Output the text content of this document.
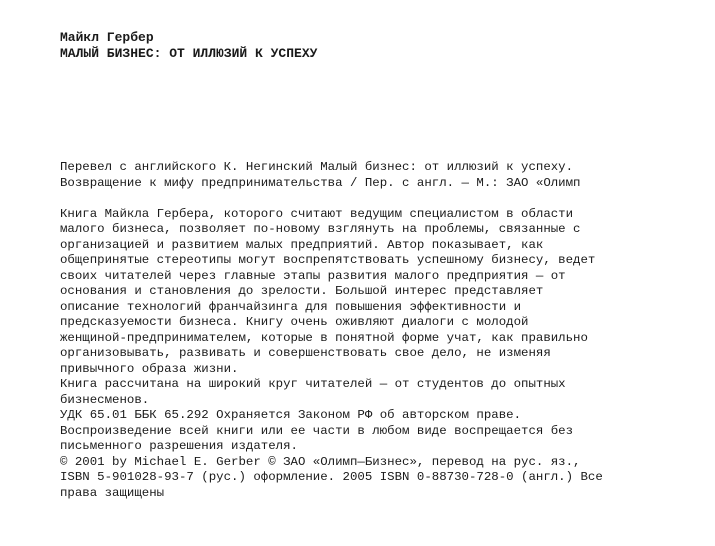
Майкл Гербер
МАЛЫЙ БИЗНЕС: ОТ ИЛЛЮЗИЙ К УСПЕХУ
Перевел с английского К. Негинский Малый бизнес: от иллюзий к успеху.
Возвращение к мифу предпринимательства / Пер. с англ. — М.: ЗАО «Олимп
Книга Майкла Гербера, которого считают ведущим специалистом в области
малого бизнеса, позволяет по-новому взглянуть на проблемы, связанные с
организацией и развитием малых предприятий. Автор показывает, как
общепринятые стереотипы могут воспрепятствовать успешному бизнесу, ведет
своих читателей через главные этапы развития малого предприятия — от
основания и становления до зрелости. Большой интерес представляет
описание технологий франчайзинга для повышения эффективности и
предсказуемости бизнеса. Книгу очень оживляют диалоги с молодой
женщиной-предпринимателем, которые в понятной форме учат, как правильно
организовывать, развивать и совершенствовать свое дело, не изменяя
привычного образа жизни.
Книга рассчитана на широкий круг читателей — от студентов до опытных
бизнесменов.
УДК 65.01 ББК 65.292 Охраняется Законом РФ об авторском праве.
Воспроизведение всей книги или ее части в любом виде воспрещается без
письменного разрешения издателя.
© 2001 by Michael E. Gerber © ЗАО «Олимп—Бизнес», перевод на рус. яз.,
ISBN 5-901028-93-7 (рус.) оформление. 2005 ISBN 0-88730-728-0 (англ.) Все
права защищены
